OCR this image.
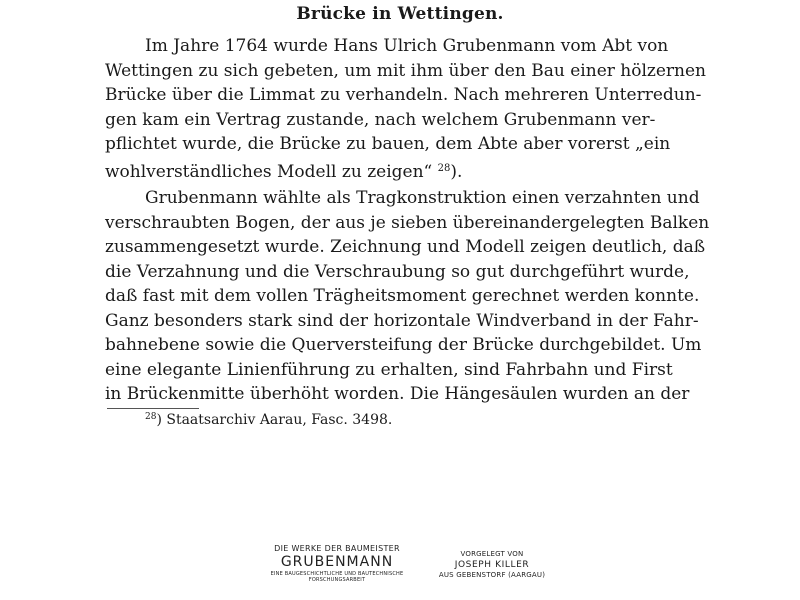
Brücke in Wettingen.
Im Jahre 1764 wurde Hans Ulrich Grubenmann vom Abt von
Wettingen zu sich gebeten, um mit ihm über den Bau einer hölzernen
Brücke über die Limmat zu verhandeln. Nach mehreren Unterredun-
gen kam ein Vertrag zustande, nach welchem Grubenmann ver-
pflichtet wurde, die Brücke zu bauen, dem Abte aber vorerst „ein
wohlverständliches Modell zu zeigen“ $^{28}$).
Grubenmann wählte als Tragkonstruktion einen verzahnten und
verschraubten Bogen, der aus je sieben übereinandergelegten Balken
zusammengesetzt wurde. Zeichnung und Modell zeigen deutlich, daß
die Verzahnung und die Verschraubung so gut durchgeführt wurde,
daß fast mit dem vollen Trägheitsmoment gerechnet werden konnte.
Ganz besonders stark sind der horizontale Windverband in der Fahr-
bahnebene sowie die Querversteifung der Brücke durchgebildet. Um
eine elegante Linienführung zu erhalten, sind Fahrbahn und First
in Brückenmitte überhöht worden. Die Hängesäulen wurden an der
$^{28}$) Staatsarchiv Aarau, Fasc. 3498.
DIE WERKE DER BAUMEISTER
GRUBENMANN
EINE BAUGESCHICHTLICHE UND BAUTECHNISCHE
FORSCHUNGSARBEIT
VORGELEGT VON
JOSEPH KILLER
AUS GEBENSTORF (AARGAU)
